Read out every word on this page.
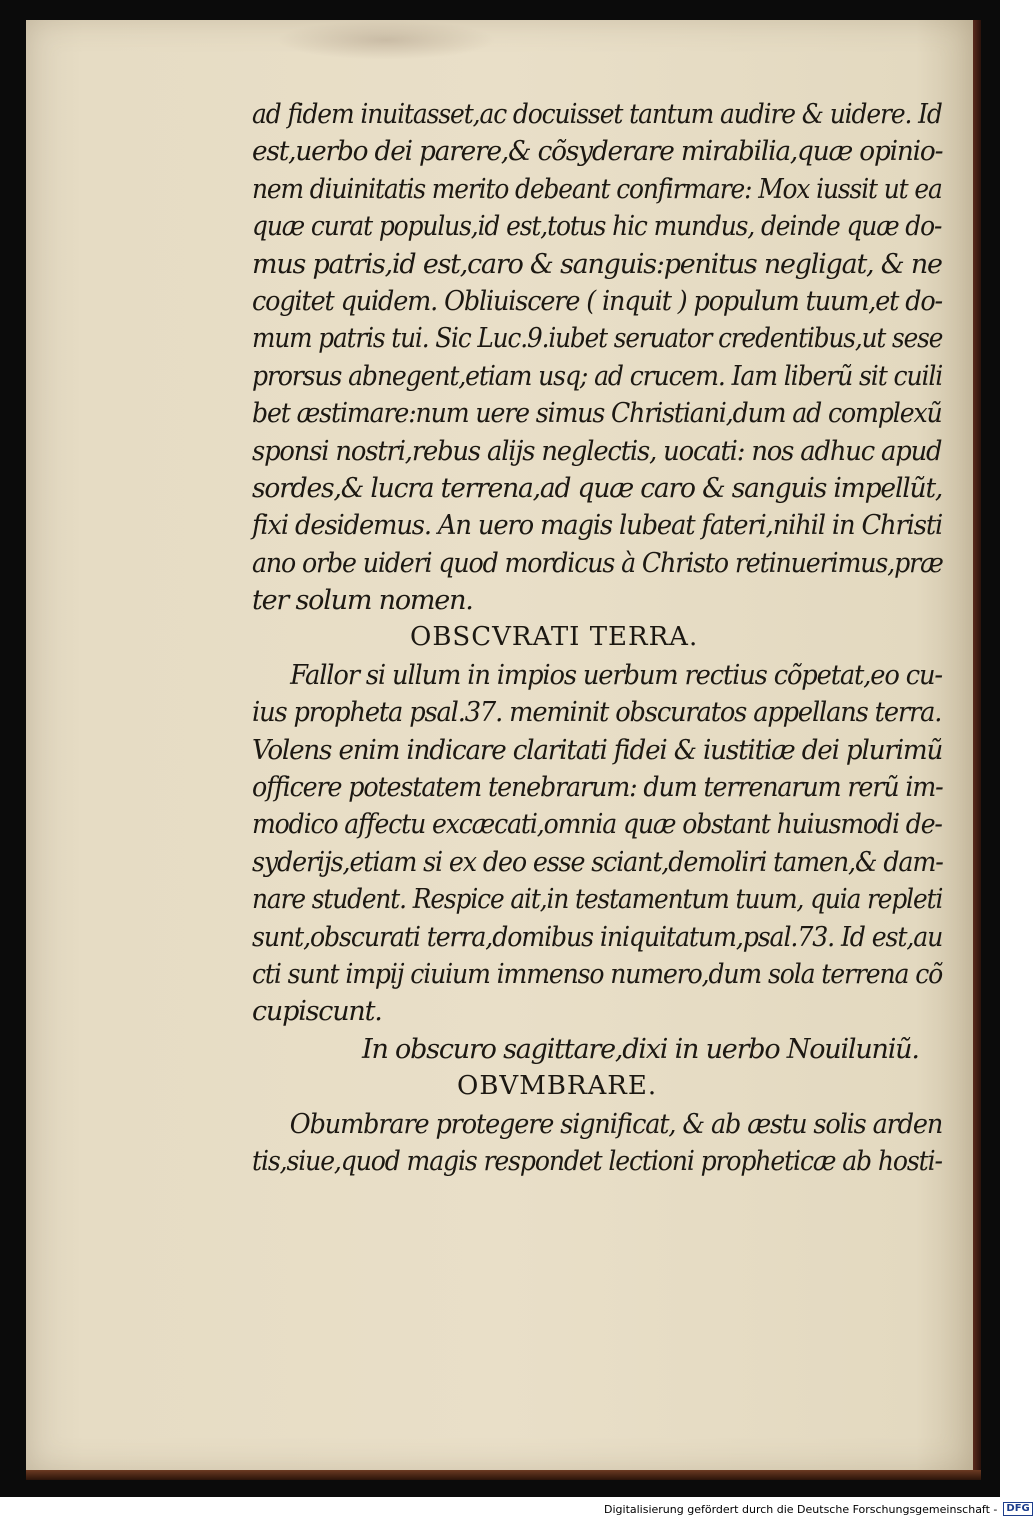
ad fidem inuitasset,ac docuisset tantum audire & uidere. Id
est,uerbo dei parere,& cõsyderare mirabilia,quæ opinio-
nem diuinitatis merito debeant confirmare: Mox iussit ut ea
quæ curat populus,id est,totus hic mundus, deinde quæ do-
mus patris,id est,caro & sanguis:penitus negligat, & ne
cogitet quidem. Obliuiscere ( inquit ) populum tuum,et do-
mum patris tui. Sic Luc.9.iubet seruator credentibus,ut sese
prorsus abnegent,etiam usq; ad crucem. Iam liberũ sit cuili
bet æstimare:num uere simus Christiani,dum ad complexũ
sponsi nostri,rebus alijs neglectis, uocati: nos adhuc apud
sordes,& lucra terrena,ad quæ caro & sanguis impellũt,
fixi desidemus. An uero magis lubeat fateri,nihil in Christi
ano orbe uideri quod mordicus à Christo retinuerimus,præ
ter solum nomen.
OBSCVRATI TERRA.
Fallor si ullum in impios uerbum rectius cõpetat,eo cu-
ius propheta psal.37. meminit obscuratos appellans terra.
Volens enim indicare claritati fidei & iustitiæ dei plurimũ
officere potestatem tenebrarum: dum terrenarum rerũ im-
modico affectu excæcati,omnia quæ obstant huiusmodi de-
syderijs,etiam si ex deo esse sciant,demoliri tamen,& dam-
nare student. Respice ait,in testamentum tuum, quia repleti
sunt,obscurati terra,domibus iniquitatum,psal.73. Id est,au
cti sunt impij ciuium immenso numero,dum sola terrena cõ
cupiscunt.
In obscuro sagittare,dixi in uerbo Nouiluniũ.
OBVMBRARE.
Obumbrare protegere significat, & ab æstu solis arden
tis,siue,quod magis respondet lectioni propheticæ ab hosti-
Digitalisierung gefördert durch die Deutsche Forschungsgemeinschaft - DFG
